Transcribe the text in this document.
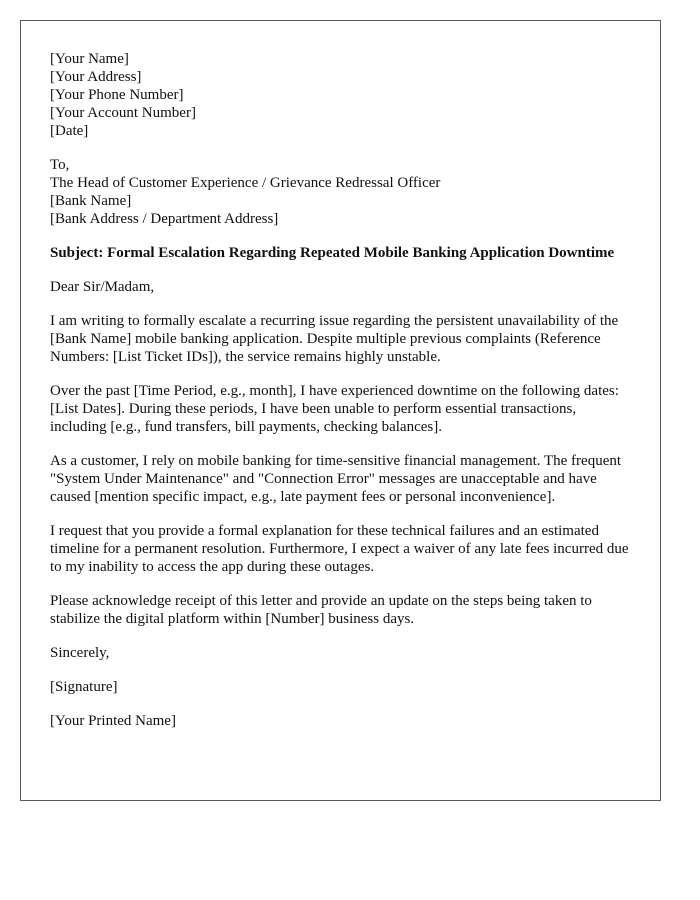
[Your Name]
[Your Address]
[Your Phone Number]
[Your Account Number]
[Date]
To,
The Head of Customer Experience / Grievance Redressal Officer
[Bank Name]
[Bank Address / Department Address]

Subject: Formal Escalation Regarding Repeated Mobile Banking Application Downtime

Dear Sir/Madam,

I am writing to formally escalate a recurring issue regarding the persistent unavailability of the [Bank Name] mobile banking application. Despite multiple previous complaints (Reference Numbers: [List Ticket IDs]), the service remains highly unstable.

Over the past [Time Period, e.g., month], I have experienced downtime on the following dates: [List Dates]. During these periods, I have been unable to perform essential transactions, including [e.g., fund transfers, bill payments, checking balances].

As a customer, I rely on mobile banking for time-sensitive financial management. The frequent "System Under Maintenance" and "Connection Error" messages are unacceptable and have caused [mention specific impact, e.g., late payment fees or personal inconvenience].

I request that you provide a formal explanation for these technical failures and an estimated timeline for a permanent resolution. Furthermore, I expect a waiver of any late fees incurred due to my inability to access the app during these outages.

Please acknowledge receipt of this letter and provide an update on the steps being taken to stabilize the digital platform within [Number] business days.

Sincerely,

[Signature]

[Your Printed Name]
